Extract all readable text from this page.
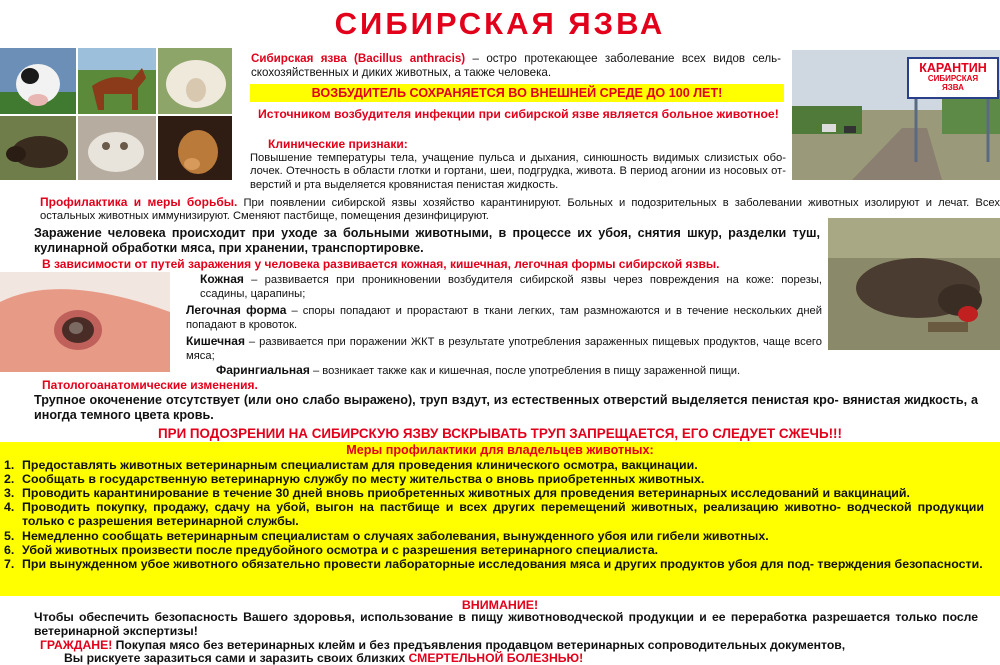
СИБИРСКАЯ ЯЗВА
КАРАНТИН
СИБИРСКАЯ
ЯЗВА
Сибирская язва (Bacillus anthracis) – остро протекающее заболевание всех видов сель- скохозяйственных и диких животных, а также человека.
ВОЗБУДИТЕЛЬ СОХРАНЯЕТСЯ ВО ВНЕШНЕЙ СРЕДЕ ДО 100 ЛЕТ!
Источником возбудителя инфекции при сибирской язве является больное животное!
Клинические признаки:
Повышение температуры тела, учащение пульса и дыхания, синюшность видимых слизистых обо- лочек. Отечность в области глотки и гортани, шеи, подгрудка, живота. В период агонии из носовых от- верстий и рта выделяется кровянистая пенистая жидкость.
Профилактика и меры борьбы. При появлении сибирской язвы хозяйство карантинируют. Больных и подозрительных в заболевании животных изолируют и лечат. Всех остальных животных иммунизируют. Сменяют пастбище, помещения дезинфицируют.
Заражение человека происходит при уходе за больными животными, в процессе их убоя, снятия шкур, разделки туш, кулинарной обработки мяса, при хранении, транспортировке.
В зависимости от путей заражения у человека развивается кожная, кишечная, легочная формы сибирской язвы.
Кожная – развивается при проникновении возбудителя сибирской язвы через повреждения на коже: порезы, ссадины, царапины;
Легочная форма – споры попадают и прорастают в ткани легких, там размножаются и в течение нескольких дней попадают в кровоток.
Кишечная – развивается при поражении ЖКТ в результате употребления зараженных пищевых продуктов, чаще всего мяса;
Фарингиальная – возникает также как и кишечная, после употребления в пищу зараженной пищи.
Патологоанатомические изменения.
Трупное окоченение отсутствует (или оно слабо выражено), труп вздут, из естественных отверстий выделяется пенистая кро- вянистая жидкость, а иногда темного цвета кровь.
ПРИ ПОДОЗРЕНИИ НА СИБИРСКУЮ ЯЗВУ ВСКРЫВАТЬ ТРУП ЗАПРЕЩАЕТСЯ, ЕГО СЛЕДУЕТ СЖЕЧЬ!!!
Меры профилактики для владельцев животных:
1. Предоставлять животных ветеринарным специалистам для проведения клинического осмотра, вакцинации.
2. Сообщать в государственную ветеринарную службу по месту жительства о вновь приобретенных животных.
3. Проводить карантинирование в течение 30 дней вновь приобретенных животных для проведения ветеринарных исследований и вакцинаций.
4. Проводить покупку, продажу, сдачу на убой, выгон на пастбище и всех других перемещений животных, реализацию животно- водческой продукции только с разрешения ветеринарной службы.
5. Немедленно сообщать ветеринарным специалистам о случаях заболевания, вынужденного убоя или гибели животных.
6. Убой животных произвести после предубойного осмотра и с разрешения ветеринарного специалиста.
7. При вынужденном убое животного обязательно провести лабораторные исследования мяса и других продуктов убоя для под- тверждения безопасности.
ВНИМАНИЕ!
Чтобы обеспечить безопасность Вашего здоровья, использование в пищу животноводческой продукции и ее переработка разрешается только после ветеринарной экспертизы!
ГРАЖДАНЕ! Покупая мясо без ветеринарных клейм и без предъявления продавцом ветеринарных сопроводительных документов,
Вы рискуете заразиться сами и заразить своих близких СМЕРТЕЛЬНОЙ БОЛЕЗНЬЮ!
